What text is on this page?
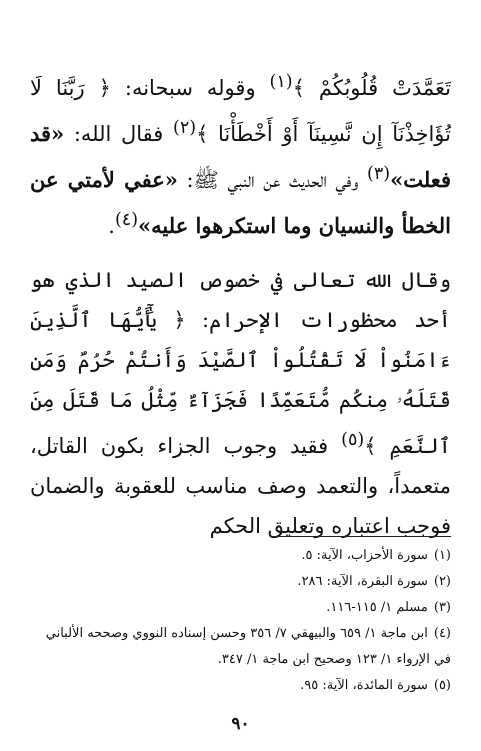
تَعَمَّدَتْ قُلُوبُكُمْ ﴾$^{(١)}$ وقوله سبحانه: ﴿ رَبَّنَا لَا تُؤَاخِذْنَآ إِن نَّسِينَآ أَوْ أَخْطَأْنَا ﴾$^{(٢)}$ فقال الله: «قد فعلت»$^{(٣)}$ وفي الحديث عن النبي ﷺ: «عفي لأمتي عن الخطأ والنسيان وما استكرهوا عليه»$^{(٤)}$.

وقال الله تعالى في خصوص الصيد الذي هو أحد محظورات الإحرام: ﴿ يَٰٓأَيُّهَا ٱلَّذِينَ ءَامَنُواْ لَا تَقْتُلُواْ ٱلصَّيْدَ وَأَنتُمْ حُرُمٌ وَمَن قَتَلَهُۥ مِنكُم مُّتَعَمِّدًا فَجَزَآءٌ مِّثْلُ مَا قَتَلَ مِنَ ٱلنَّعَمِ ﴾$^{(٥)}$ فقيد وجوب الجزاء بكون القاتل، متعمداً، والتعمد وصف مناسب للعقوبة والضمان فوجب اعتباره وتعليق الحكم

(١)سورة الأحزاب، الآية: ٥.

(٢)سورة البقرة، الآية: ٢٨٦.

(٣)مسلم ١/ ١١٥-١١٦.

(٤)ابن ماجة ١/ ٦٥٩ والبيهقي ٧/ ٣٥٦ وحسن إسناده النووي وصححه الألباني في الإرواء ١/ ١٢٣ وصحيح ابن ماجة ١/ ٣٤٧.

(٥)سورة المائدة، الآية: ٩٥.

٩٠
